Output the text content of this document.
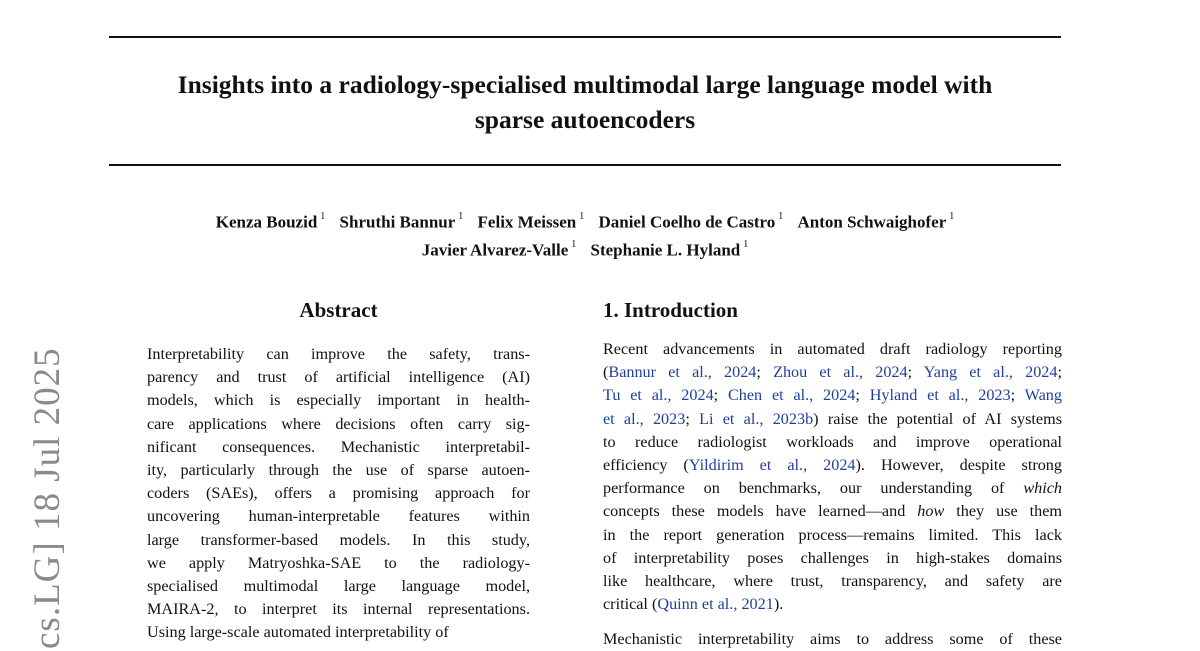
Insights into a radiology-specialised multimodal large language model with
sparse autoencoders
Kenza Bouzid $^1$ Shruthi Bannur $^1$ Felix Meissen $^1$ Daniel Coelho de Castro $^1$ Anton Schwaighofer $^1$
Javier Alvarez-Valle $^1$ Stephanie L. Hyland $^1$
cs.LG] 18 Jul 2025
Abstract
Interpretability can improve the safety, trans-
parency and trust of artificial intelligence (AI)
models, which is especially important in health-
care applications where decisions often carry sig-
nificant consequences. Mechanistic interpretabil-
ity, particularly through the use of sparse autoen-
coders (SAEs), offers a promising approach for
uncovering human-interpretable features within
large transformer-based models. In this study,
we apply Matryoshka-SAE to the radiology-
specialised multimodal large language model,
MAIRA-2, to interpret its internal representations.
Using large-scale automated interpretability of
1. Introduction
Recent advancements in automated draft radiology reporting
(Bannur et al., 2024; Zhou et al., 2024; Yang et al., 2024;
Tu et al., 2024; Chen et al., 2024; Hyland et al., 2023; Wang
et al., 2023; Li et al., 2023b) raise the potential of AI systems
to reduce radiologist workloads and improve operational
efficiency (Yildirim et al., 2024). However, despite strong
performance on benchmarks, our understanding of which
concepts these models have learned—and how they use them
in the report generation process—remains limited. This lack
of interpretability poses challenges in high-stakes domains
like healthcare, where trust, transparency, and safety are
critical (Quinn et al., 2021).
Mechanistic interpretability aims to address some of these
